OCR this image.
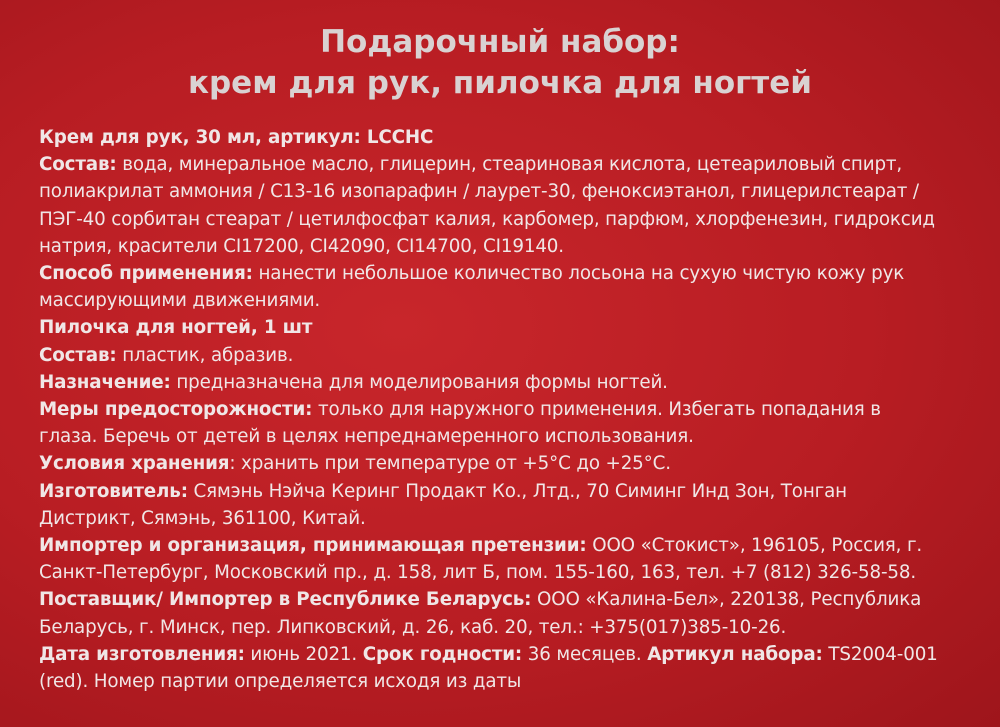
Подарочный набор:
крем для рук, пилочка для ногтей
Крем для рук, 30 мл, артикул: LCCHC
Состав: вода, минеральное масло, глицерин, стеариновая кислота, цетеариловый спирт,
полиакрилат аммония / С13-16 изопарафин / лаурет-30, феноксиэтанол, глицерилстеарат /
ПЭГ-40 сорбитан стеарат / цетилфосфат калия, карбомер, парфюм, хлорфенезин, гидроксид
натрия, красители CI17200, CI42090, CI14700, CI19140.
Способ применения: нанести небольшое количество лосьона на сухую чистую кожу рук
массирующими движениями.
Пилочка для ногтей, 1 шт
Состав: пластик, абразив.
Назначение: предназначена для моделирования формы ногтей.
Меры предосторожности: только для наружного применения. Избегать попадания в
глаза. Беречь от детей в целях непреднамеренного использования.
Условия хранения: хранить при температуре от +5°С до +25°С.
Изготовитель: Сямэнь Нэйча Керинг Продакт Ко., Лтд., 70 Симинг Инд Зон, Тонган
Дистрикт, Сямэнь, 361100, Китай.
Импортер и организация, принимающая претензии: ООО «Стокист», 196105, Россия, г.
Санкт-Петербург, Московский пр., д. 158, лит Б, пом. 155-160, 163, тел. +7 (812) 326-58-58.
Поставщик/ Импортер в Республике Беларусь: ООО «Калина-Бел», 220138, Республика
Беларусь, г. Минск, пер. Липковский, д. 26, каб. 20, тел.: +375(017)385-10-26.
Дата изготовления: июнь 2021. Срок годности: 36 месяцев. Артикул набора: TS2004-001
(red). Номер партии определяется исходя из даты
